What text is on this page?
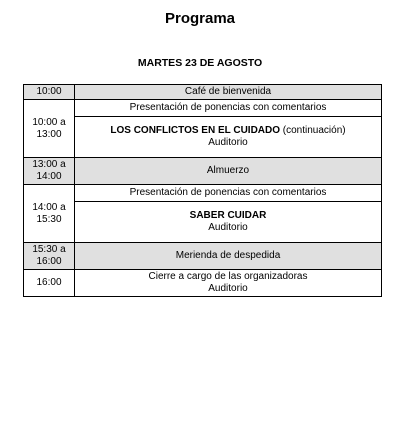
Programa
MARTES 23 DE AGOSTO
10:00	Café de bienvenida
10:00 a 13:00	Presentación de ponencias con comentarios

	LOS CONFLICTOS EN EL CUIDADO (continuación)
Auditorio

13:00 a 14:00	Almuerzo
14:00 a 15:30	Presentación de ponencias con comentarios

	SABER CUIDAR
Auditorio

15:30 a 16:00	Merienda de despedida
16:00	Cierre a cargo de las organizadoras
Auditorio
